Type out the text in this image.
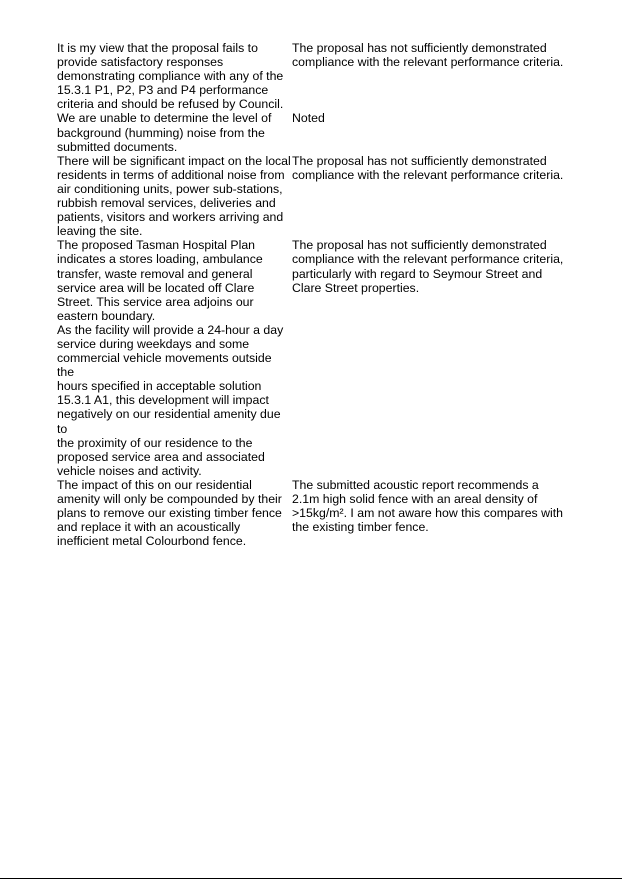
It is my view that the proposal fails to
provide satisfactory responses
demonstrating compliance with any of the
15.3.1 P1, P2, P3 and P4 performance
criteria and should be refused by Council.
The proposal has not sufficiently demonstrated
compliance with the relevant performance criteria.
We are unable to determine the level of
background (humming) noise from the
submitted documents.
Noted
There will be significant impact on the local
residents in terms of additional noise from
air conditioning units, power sub-stations,
rubbish removal services, deliveries and
patients, visitors and workers arriving and
leaving the site.
The proposal has not sufficiently demonstrated
compliance with the relevant performance criteria.
The proposed Tasman Hospital Plan
indicates a stores loading, ambulance
transfer, waste removal and general
service area will be located off Clare
Street. This service area adjoins our
eastern boundary.
As the facility will provide a 24-hour a day
service during weekdays and some
commercial vehicle movements outside the
hours specified in acceptable solution
15.3.1 A1, this development will impact
negatively on our residential amenity due to
the proximity of our residence to the
proposed service area and associated
vehicle noises and activity.
The proposal has not sufficiently demonstrated
compliance with the relevant performance criteria,
particularly with regard to Seymour Street and
Clare Street properties.
The impact of this on our residential
amenity will only be compounded by their
plans to remove our existing timber fence
and replace it with an acoustically
inefficient metal Colourbond fence.
The submitted acoustic report recommends a
2.1m high solid fence with an areal density of
>15kg/m². I am not aware how this compares with
the existing timber fence.
